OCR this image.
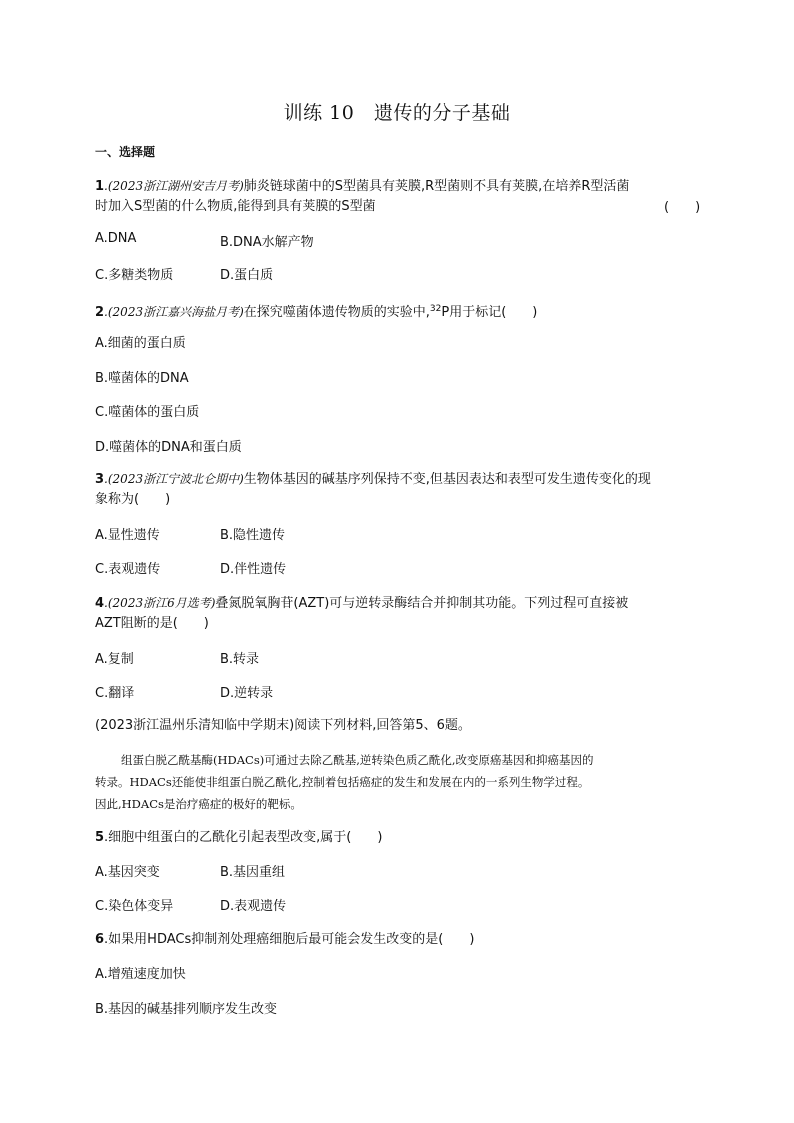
训练 10　遗传的分子基础
一、选择题
1.(2023浙江湖州安吉月考)肺炎链球菌中的S型菌具有荚膜,R型菌则不具有荚膜,在培养R型活菌
时加入S型菌的什么物质,能得到具有荚膜的S型菌	(　　)
A.DNA	B.DNA水解产物
C.多糖类物质	D.蛋白质
2.(2023浙江嘉兴海盐月考)在探究噬菌体遗传物质的实验中,$^{32}$P用于标记(　　)
A.细菌的蛋白质
B.噬菌体的DNA
C.噬菌体的蛋白质
D.噬菌体的DNA和蛋白质
3.(2023浙江宁波北仑期中)生物体基因的碱基序列保持不变,但基因表达和表型可发生遗传变化的现
象称为(　　)
A.显性遗传	B.隐性遗传
C.表观遗传	D.伴性遗传
4.(2023浙江6月选考)叠氮脱氧胸苷(AZT)可与逆转录酶结合并抑制其功能。下列过程可直接被
AZT阻断的是(　　)
A.复制	B.转录
C.翻译	D.逆转录
(2023浙江温州乐清知临中学期末)阅读下列材料,回答第5、6题。
组蛋白脱乙酰基酶(HDACs)可通过去除乙酰基,逆转染色质乙酰化,改变原癌基因和抑癌基因的
转录。HDACs还能使非组蛋白脱乙酰化,控制着包括癌症的发生和发展在内的一系列生物学过程。
因此,HDACs是治疗癌症的极好的靶标。
5.细胞中组蛋白的乙酰化引起表型改变,属于(　　)
A.基因突变	B.基因重组
C.染色体变异	D.表观遗传
6.如果用HDACs抑制剂处理癌细胞后最可能会发生改变的是(　　)
A.增殖速度加快
B.基因的碱基排列顺序发生改变
